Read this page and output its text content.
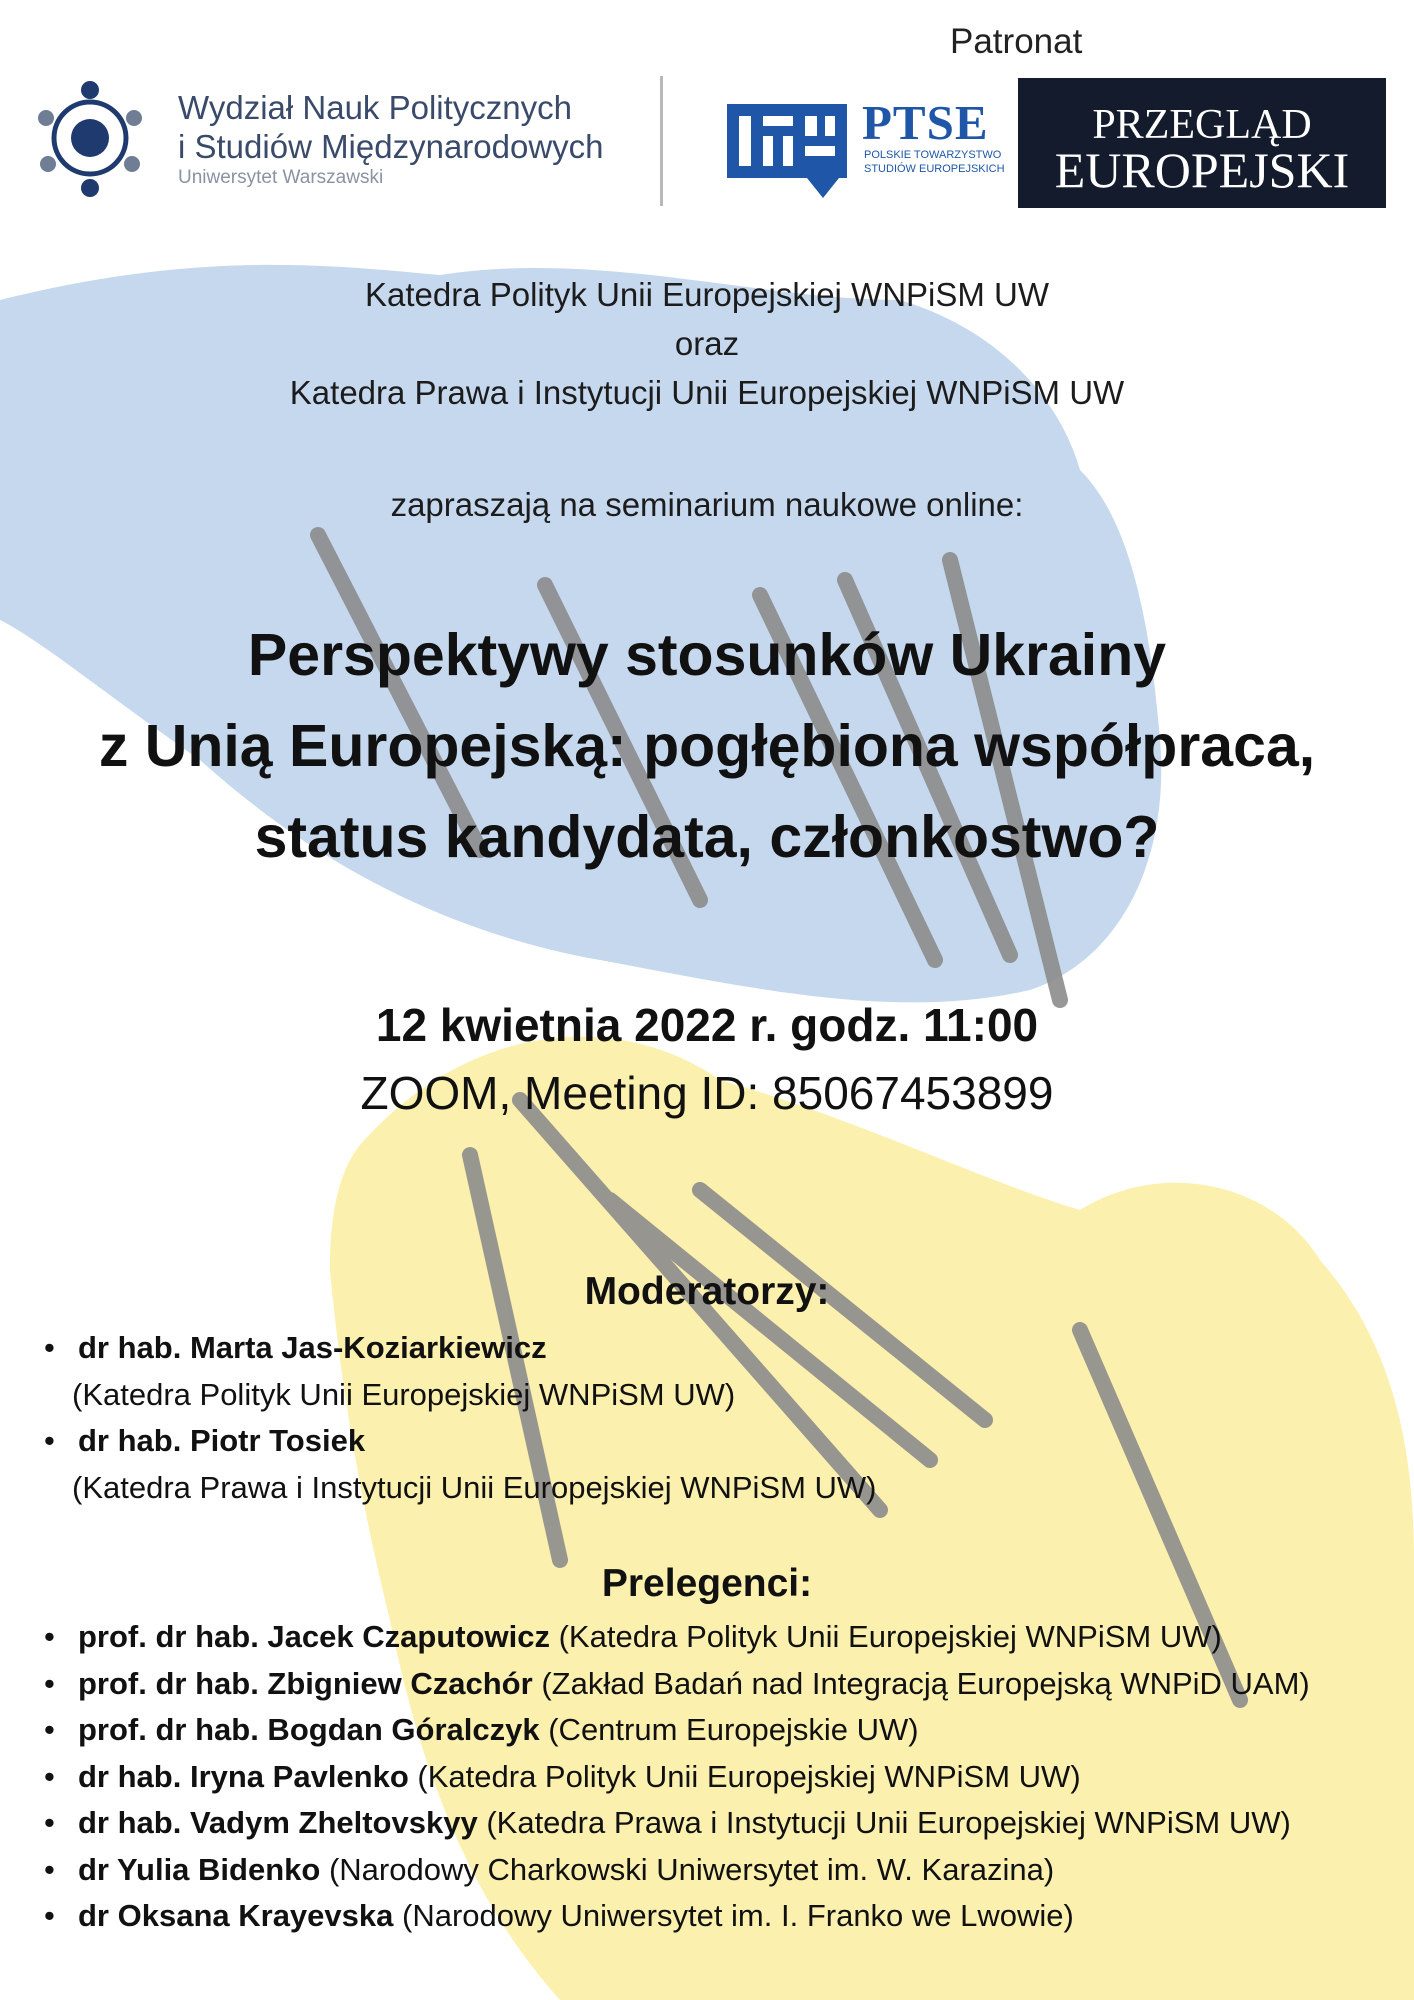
Patronat
Wydział Nauk Politycznych
i Studiów Międzynarodowych
Uniwersytet Warszawski
PTSE
POLSKIE TOWARZYSTWO
STUDIÓW EUROPEJSKICH
PRZEGLĄD
EUROPEJSKI
Katedra Polityk Unii Europejskiej WNPiSM UW
oraz
Katedra Prawa i Instytucji Unii Europejskiej WNPiSM UW
zapraszają na seminarium naukowe online:
Perspektywy stosunków Ukrainy
z Unią Europejską: pogłębiona współpraca,
status kandydata, członkostwo?
12 kwietnia 2022 r. godz. 11:00
ZOOM, Meeting ID: 85067453899
Moderatorzy:
• dr hab. Marta Jas-Koziarkiewicz
(Katedra Polityk Unii Europejskiej WNPiSM UW)
• dr hab. Piotr Tosiek
(Katedra Prawa i Instytucji Unii Europejskiej WNPiSM UW)
Prelegenci:
• prof. dr hab. Jacek Czaputowicz (Katedra Polityk Unii Europejskiej WNPiSM UW)
• prof. dr hab. Zbigniew Czachór (Zakład Badań nad Integracją Europejską WNPiD UAM)
• prof. dr hab. Bogdan Góralczyk (Centrum Europejskie UW)
• dr hab. Iryna Pavlenko (Katedra Polityk Unii Europejskiej WNPiSM UW)
• dr hab. Vadym Zheltovskyy (Katedra Prawa i Instytucji Unii Europejskiej WNPiSM UW)
• dr Yulia Bidenko (Narodowy Charkowski Uniwersytet im. W. Karazina)
• dr Oksana Krayevska (Narodowy Uniwersytet im. I. Franko we Lwowie)
